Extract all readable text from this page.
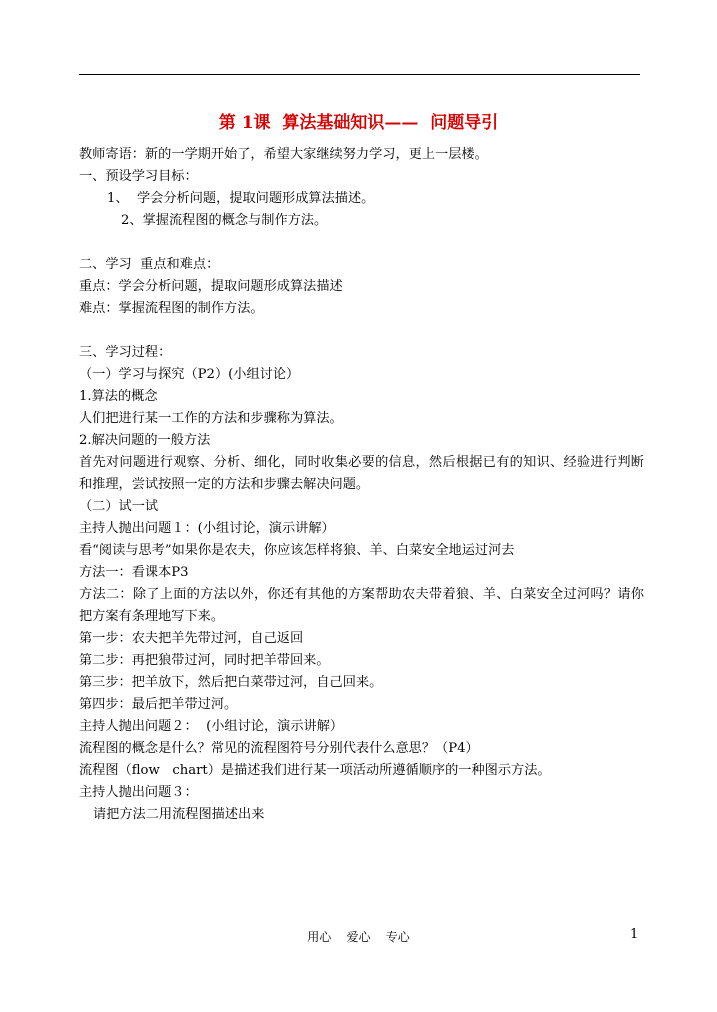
第 1课  算法基础知识——  问题导引
教师寄语：新的一学期开始了，希望大家继续努力学习，更上一层楼。
一、预设学习目标：
1、  学会分析问题，提取问题形成算法描述。
2、掌握流程图的概念与制作方法。
二、学习  重点和难点：
重点：学会分析问题，提取问题形成算法描述
难点：掌握流程图的制作方法。
三、学习过程：
（一）学习与探究（P2）(小组讨论）
1.算法的概念
人们把进行某一工作的方法和步骤称为算法。
2.解决问题的一般方法
首先对问题进行观察、分析、细化，同时收集必要的信息，然后根据已有的知识、经验进行判断和推理，尝试按照一定的方法和步骤去解决问题。
（二）试一试
主持人抛出问题１：(小组讨论，演示讲解）
看“阅读与思考”如果你是农夫，你应该怎样将狼、羊、白菜安全地运过河去
方法一：看课本P3
方法二：除了上面的方法以外，你还有其他的方案帮助农夫带着狼、羊、白菜安全过河吗？请你把方案有条理地写下来。
第一步：农夫把羊先带过河，自己返回
第二步：再把狼带过河，同时把羊带回来。
第三步：把羊放下，然后把白菜带过河，自己回来。
第四步：最后把羊带过河。
主持人抛出问题２：  (小组讨论，演示讲解）
流程图的概念是什么？常见的流程图符号分别代表什么意思？（P4）
流程图（flow   chart）是描述我们进行某一项活动所遵循顺序的一种图示方法。
主持人抛出问题３：
请把方法二用流程图描述出来
用心    爱心    专心	1
